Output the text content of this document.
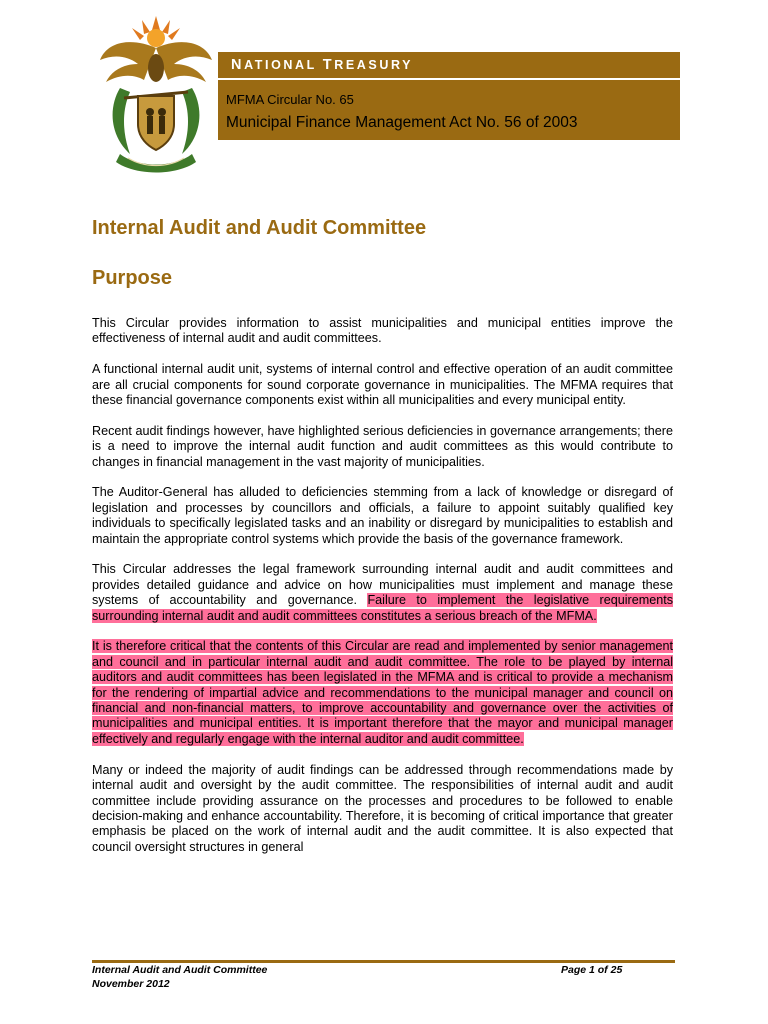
NATIONAL TREASURY
MFMA Circular No. 65
Municipal Finance Management Act No. 56 of 2003
Internal Audit and Audit Committee
Purpose

This Circular provides information to assist municipalities and municipal entities improve the effectiveness of internal audit and audit committees.

A functional internal audit unit, systems of internal control and effective operation of an audit committee are all crucial components for sound corporate governance in municipalities. The MFMA requires that these financial governance components exist within all municipalities and every municipal entity.

Recent audit findings however, have highlighted serious deficiencies in governance arrangements; there is a need to improve the internal audit function and audit committees as this would contribute to changes in financial management in the vast majority of municipalities.

The Auditor-General has alluded to deficiencies stemming from a lack of knowledge or disregard of legislation and processes by councillors and officials, a failure to appoint suitably qualified key individuals to specifically legislated tasks and an inability or disregard by municipalities to establish and maintain the appropriate control systems which provide the basis of the governance framework.

This Circular addresses the legal framework surrounding internal audit and audit committees and provides detailed guidance and advice on how municipalities must implement and manage these systems of accountability and governance. Failure to implement the legislative requirements surrounding internal audit and audit committees constitutes a serious breach of the MFMA.

It is therefore critical that the contents of this Circular are read and implemented by senior management and council and in particular internal audit and audit committee. The role to be played by internal auditors and audit committees has been legislated in the MFMA and is critical to provide a mechanism for the rendering of impartial advice and recommendations to the municipal manager and council on financial and non-financial matters, to improve accountability and governance over the activities of municipalities and municipal entities. It is important therefore that the mayor and municipal manager effectively and regularly engage with the internal auditor and audit committee.

Many or indeed the majority of audit findings can be addressed through recommendations made by internal audit and oversight by the audit committee. The responsibilities of internal audit and audit committee include providing assurance on the processes and procedures to be followed to enable decision-making and enhance accountability. Therefore, it is becoming of critical importance that greater emphasis be placed on the work of internal audit and the audit committee. It is also expected that council oversight structures in general

Internal Audit and Audit Committee
November 2012
Page 1 of 25
